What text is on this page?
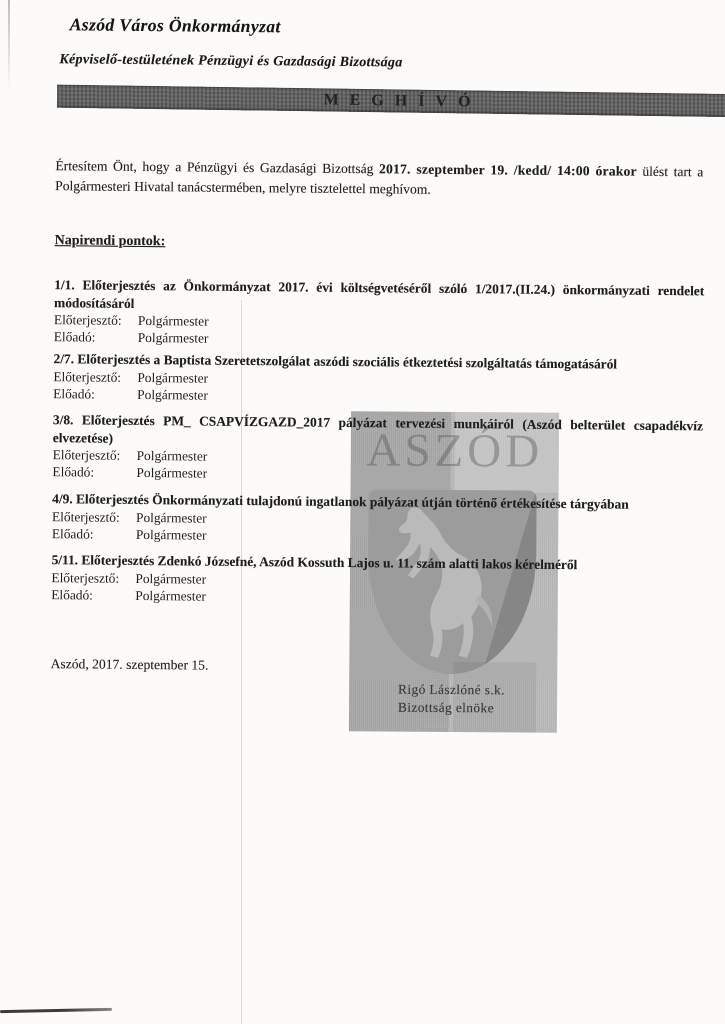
ASZÓD
Aszód Város Önkormányzat
Képviselő-testületének Pénzügyi és Gazdasági Bizottsága
MEGHÍVÓ
Értesítem Önt, hogy a Pénzügyi és Gazdasági Bizottság 2017. szeptember 19. /kedd/ 14:00 órakor ülést tart a Polgármesteri Hivatal tanácstermében, melyre tisztelettel meghívom.
Napirendi pontok:
1/1. Előterjesztés az Önkormányzat 2017. évi költségvetéséről szóló 1/2017.(II.24.) önkormányzati rendelet módosításáról
Előterjesztő:	Polgármester
Előadó:	Polgármester
2/7. Előterjesztés a Baptista Szeretetszolgálat aszódi szociális étkeztetési szolgáltatás támogatásáról
Előterjesztő:	Polgármester
Előadó:	Polgármester
3/8. Előterjesztés PM_ CSAPVÍZGAZD_2017 pályázat tervezési munkáiról (Aszód belterület csapadékvíz elvezetése)
Előterjesztő:	Polgármester
Előadó:	Polgármester
4/9. Előterjesztés Önkormányzati tulajdonú ingatlanok pályázat útján történő értékesítése tárgyában
Előterjesztő:	Polgármester
Előadó:	Polgármester
5/11. Előterjesztés Zdenkó Józsefné, Aszód Kossuth Lajos u. 11. szám alatti lakos kérelméről
Előterjesztő:	Polgármester
Előadó:	Polgármester
Aszód, 2017. szeptember 15.
Rigó Lászlóné s.k.
Bizottság elnöke
